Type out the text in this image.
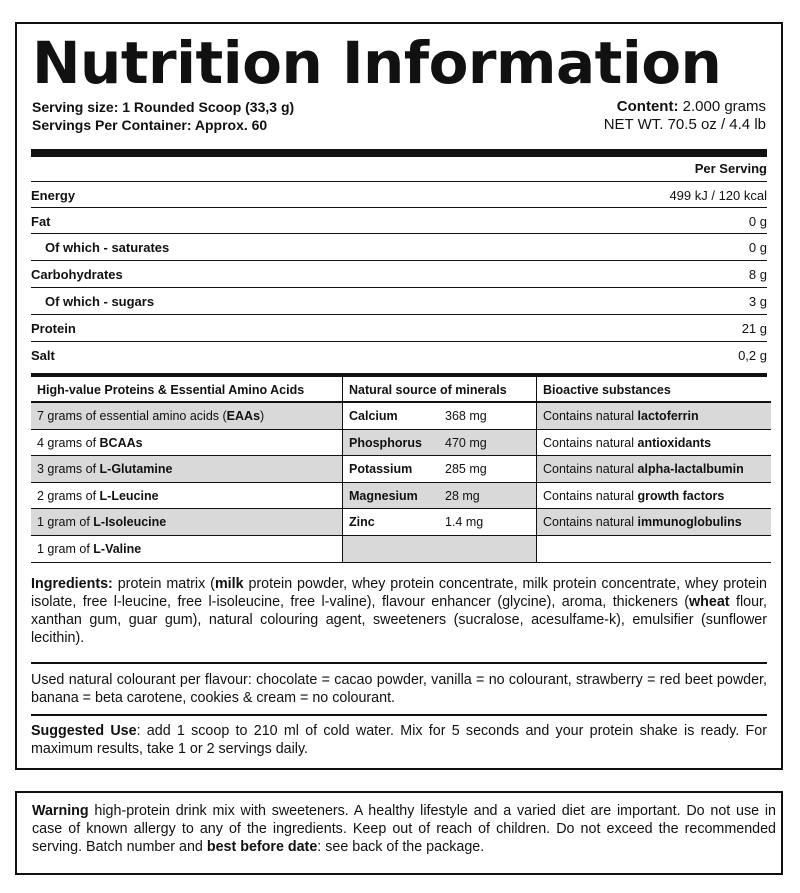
Nutrition Information
Serving size: 1 Rounded Scoop (33,3 g)
Servings Per Container: Approx. 60
Content: 2.000 grams
NET WT. 70.5 oz / 4.4 lb
Per Serving
Energy	499 kJ / 120 kcal
Fat	0 g
Of which - saturates	0 g
Carbohydrates	8 g
Of which - sugars	3 g
Protein	21 g
Salt	0,2 g
High-value Proteins & Essential Amino Acids	Natural source of minerals	Bioactive substances
7 grams of essential amino acids (EAAs)	Calcium	368 mg	Contains natural lactoferrin
4 grams of BCAAs	Phosphorus 470 mg	Contains natural antioxidants
3 grams of L-Glutamine	Potassium	285 mg	Contains natural alpha-lactalbumin
2 grams of L-Leucine	Magnesium 28 mg	Contains natural growth factors
1 gram of L-Isoleucine	Zinc	1.4 mg	Contains natural immunoglobulins
1 gram of L-Valine
Ingredients: protein matrix (milk protein powder, whey protein concentrate, milk protein concentrate, whey protein isolate, free l-leucine, free l-isoleucine, free l-valine), flavour enhancer (glycine), aroma, thickeners (wheat flour, xanthan gum, guar gum), natural colouring agent, sweeteners (sucralose, acesulfame-k), emulsifier (sunflower lecithin).
Used natural colourant per flavour: chocolate = cacao powder, vanilla = no colourant, strawberry = red beet powder, banana = beta carotene, cookies & cream = no colourant.
Suggested Use: add 1 scoop to 210 ml of cold water. Mix for 5 seconds and your protein shake is ready. For maximum results, take 1 or 2 servings daily.
Warning high-protein drink mix with sweeteners. A healthy lifestyle and a varied diet are important. Do not use in case of known allergy to any of the ingredients. Keep out of reach of children. Do not exceed the recommended serving. Batch number and best before date: see back of the package.
